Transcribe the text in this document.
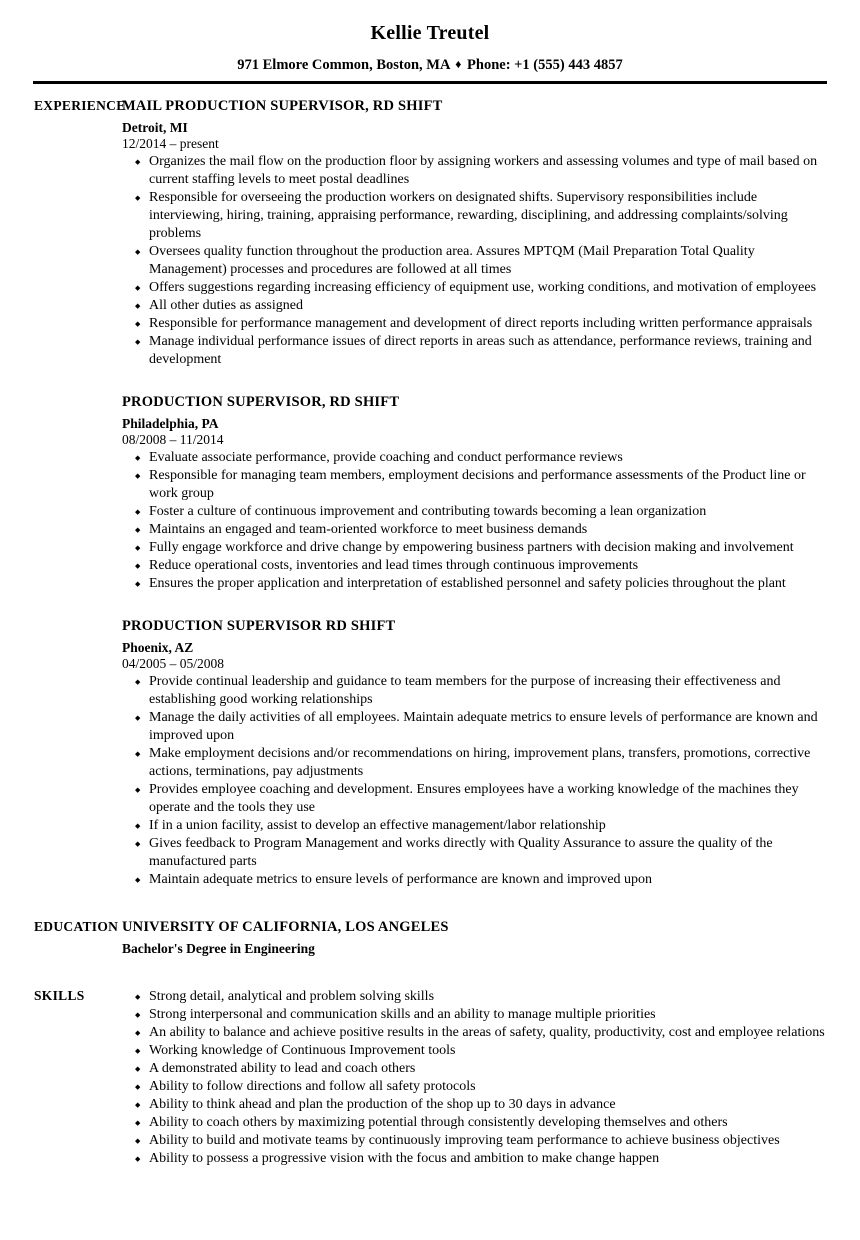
Kellie Treutel
971 Elmore Common, Boston, MA ♦ Phone: +1 (555) 443 4857
EXPERIENCE
MAIL PRODUCTION SUPERVISOR, RD SHIFT
Detroit, MI
12/2014 – present
◆ Organizes the mail flow on the production floor by assigning workers and assessing volumes and type of mail based on current staffing levels to meet postal deadlines
◆ Responsible for overseeing the production workers on designated shifts. Supervisory responsibilities include interviewing, hiring, training, appraising performance, rewarding, disciplining, and addressing complaints/solving problems
◆ Oversees quality function throughout the production area. Assures MPTQM (Mail Preparation Total Quality Management) processes and procedures are followed at all times
◆ Offers suggestions regarding increasing efficiency of equipment use, working conditions, and motivation of employees
◆ All other duties as assigned
◆ Responsible for performance management and development of direct reports including written performance appraisals
◆ Manage individual performance issues of direct reports in areas such as attendance, performance reviews, training and development
PRODUCTION SUPERVISOR, RD SHIFT
Philadelphia, PA
08/2008 – 11/2014
◆ Evaluate associate performance, provide coaching and conduct performance reviews
◆ Responsible for managing team members, employment decisions and performance assessments of the Product line or work group
◆ Foster a culture of continuous improvement and contributing towards becoming a lean organization
◆ Maintains an engaged and team-oriented workforce to meet business demands
◆ Fully engage workforce and drive change by empowering business partners with decision making and involvement
◆ Reduce operational costs, inventories and lead times through continuous improvements
◆ Ensures the proper application and interpretation of established personnel and safety policies throughout the plant
PRODUCTION SUPERVISOR RD SHIFT
Phoenix, AZ
04/2005 – 05/2008
◆ Provide continual leadership and guidance to team members for the purpose of increasing their effectiveness and establishing good working relationships
◆ Manage the daily activities of all employees. Maintain adequate metrics to ensure levels of performance are known and improved upon
◆ Make employment decisions and/or recommendations on hiring, improvement plans, transfers, promotions, corrective actions, terminations, pay adjustments
◆ Provides employee coaching and development. Ensures employees have a working knowledge of the machines they operate and the tools they use
◆ If in a union facility, assist to develop an effective management/labor relationship
◆ Gives feedback to Program Management and works directly with Quality Assurance to assure the quality of the manufactured parts
◆ Maintain adequate metrics to ensure levels of performance are known and improved upon
EDUCATION UNIVERSITY OF CALIFORNIA, LOS ANGELES
Bachelor's Degree in Engineering
SKILLS	◆ Strong detail, analytical and problem solving skills
◆ Strong interpersonal and communication skills and an ability to manage multiple priorities
◆ An ability to balance and achieve positive results in the areas of safety, quality, productivity, cost and employee relations
◆ Working knowledge of Continuous Improvement tools
◆ A demonstrated ability to lead and coach others
◆ Ability to follow directions and follow all safety protocols
◆ Ability to think ahead and plan the production of the shop up to 30 days in advance
◆ Ability to coach others by maximizing potential through consistently developing themselves and others
◆ Ability to build and motivate teams by continuously improving team performance to achieve business objectives
◆ Ability to possess a progressive vision with the focus and ambition to make change happen
